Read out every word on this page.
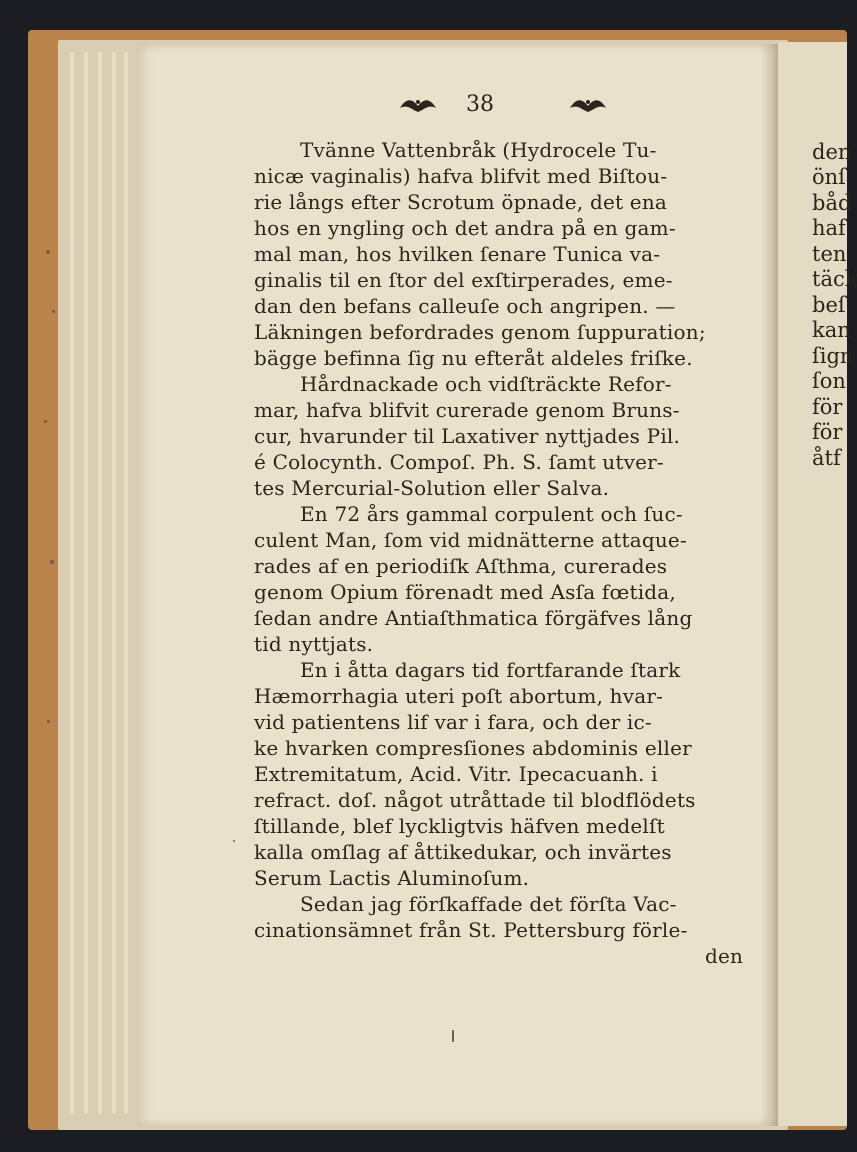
den
önſ
båd
haf
ten
täck
beſ
kan
ſign
ſon
för
för
åtf
38
Tvänne Vattenbråk (Hydrocele Tu-
nicæ vaginalis) hafva blifvit med Biſtou-
rie långs efter Scrotum öpnade, det ena
hos en yngling och det andra på en gam-
mal man, hos hvilken ſenare Tunica va-
ginalis til en ſtor del exſtirperades, eme-
dan den befans calleuſe och angripen. —
Läkningen befordrades genom ſuppuration;
bägge befinna ſig nu efteråt aldeles friſke.
Hårdnackade och vidſträckte Refor-
mar, hafva blifvit curerade genom Bruns-
cur, hvarunder til Laxativer nyttjades Pil.
é Colocynth. Compoſ. Ph. S. ſamt utver-
tes Mercurial-Solution eller Salva.
En 72 års gammal corpulent och ſuc-
culent Man, ſom vid midnätterne attaque-
rades af en periodiſk Aſthma, curerades
genom Opium förenadt med Asſa fœtida,
ſedan andre Antiaſthmatica förgäfves lång
tid nyttjats.
En i åtta dagars tid fortfarande ſtark
Hæmorrhagia uteri poſt abortum, hvar-
vid patientens lif var i fara, och der ic-
ke hvarken compresſiones abdominis eller
Extremitatum, Acid. Vitr. Ipecacuanh. i
refract. doſ. något utråttade til blodflödets
ſtillande, blef lyckligtvis häfven medelſt
kalla omſlag af åttikedukar, och invärtes
Serum Lactis Aluminoſum.
Sedan jag förſkaffade det förſta Vac-
cinationsämnet från St. Pettersburg förle-
den
